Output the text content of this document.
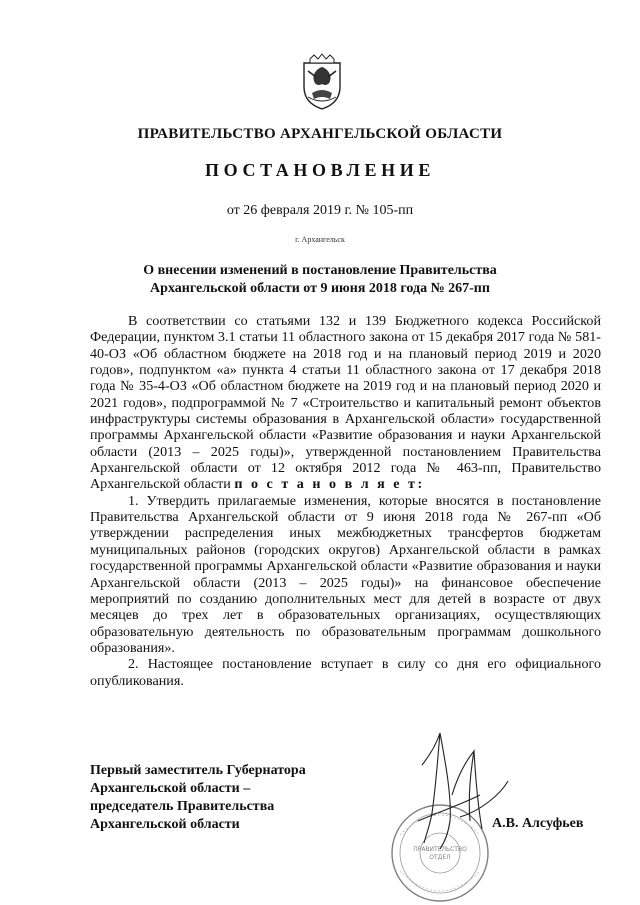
ПРАВИТЕЛЬСТВО АРХАНГЕЛЬСКОЙ ОБЛАСТИ
ПОСТАНОВЛЕНИЕ
от 26 февраля 2019 г. № 105-пп
г. Архангельск
О внесении изменений в постановление Правительства
Архангельской области от 9 июня 2018 года № 267-пп

В соответствии со статьями 132 и 139 Бюджетного кодекса Российской Федерации, пунктом 3.1 статьи 11 областного закона от 15 декабря 2017 года № 581-40-ОЗ «Об областном бюджете на 2018 год и на плановый период 2019 и 2020 годов», подпунктом «а» пункта 4 статьи 11 областного закона от 17 декабря 2018 года № 35-4-ОЗ «Об областном бюджете на 2019 год и на плановый период 2020 и 2021 годов», подпрограммой № 7 «Строительство и капитальный ремонт объектов инфраструктуры системы образования в Архангельской области» государственной программы Архангельской области «Развитие образования и науки Архангельской области (2013 – 2025 годы)», утвержденной постановлением Правительства Архангельской области от 12 октября 2012 года № 463-пп, Правительство Архангельской области п о с т а н о в л я е т:

1. Утвердить прилагаемые изменения, которые вносятся в постановление Правительства Архангельской области от 9 июня 2018 года № 267-пп «Об утверждении распределения иных межбюджетных трансфертов бюджетам муниципальных районов (городских округов) Архангельской области в рамках государственной программы Архангельской области «Развитие образования и науки Архангельской области (2013 – 2025 годы)» на финансовое обеспечение мероприятий по созданию дополнительных мест для детей в возрасте от двух месяцев до трех лет в образовательных организациях, осуществляющих образовательную деятельность по образовательным программам дошкольного образования».

2. Настоящее постановление вступает в силу со дня его официального опубликования.

Первый заместитель Губернатора
Архангельской области –
председатель Правительства
Архангельской области
ПРАВИТЕЛЬСТВО
ОТДЕЛ
А.В. Алсуфьев
